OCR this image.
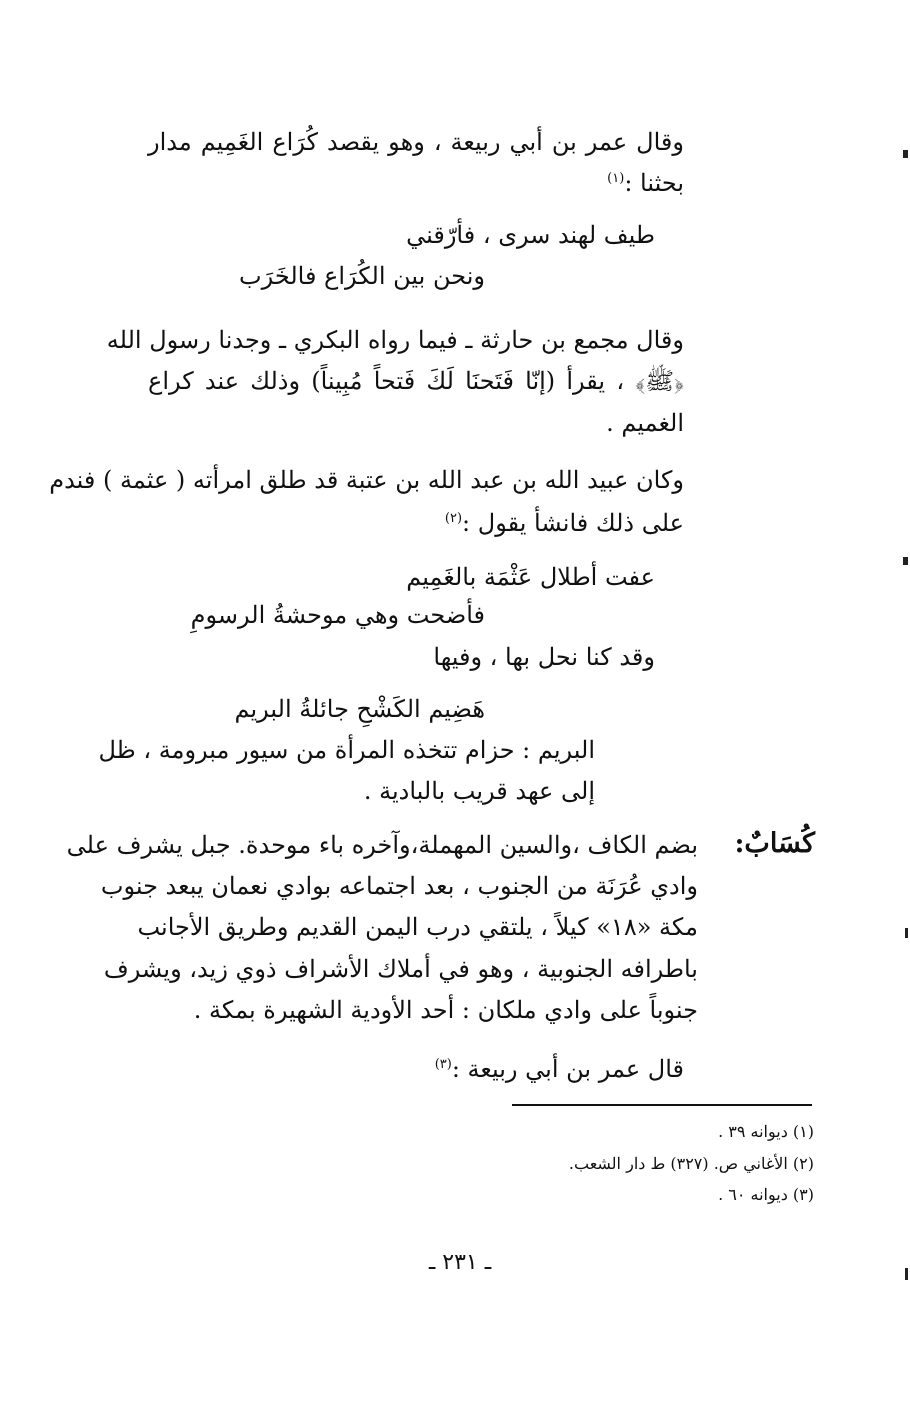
وقال عمر بن أبي ربيعة ، وهو يقصد كُرَاع الغَمِيم مدار
بحثنا :$^{(١)}$
طيف لهند سرى ، فأرّقني
ونحن بين الكُرَاع فالخَرَب
وقال مجمع بن حارثة ـ فيما رواه البكري ـ وجدنا رسول الله
﴿ﷺ﴾ ، يقرأ (إنّا فَتَحنَا لَكَ فَتحاً مُبِيناً) وذلك عند كراع
الغميم .
وكان عبيد الله بن عبد الله بن عتبة قد طلق امرأته ( عثمة ) فندم
على ذلك فانشأ يقول :$^{(٢)}$
عفت أطلال عَثْمَة بالغَمِيم
فأضحت وهي موحشةُ الرسومِ
وقد كنا نحل بها ، وفيها
هَضِيم الكَشْحِ جائلةُ البريم
البريم : حزام تتخذه المرأة من سيور مبرومة ، ظل
إلى عهد قريب بالبادية .
كُسَابٌ:
بضم الكاف ،والسين المهملة،وآخره باء موحدة. جبل يشرف على
وادي عُرَنَة من الجنوب ، بعد اجتماعه بوادي نعمان يبعد جنوب
مكة «١٨» كيلاً ، يلتقي درب اليمن القديم وطريق الأجانب
باطرافه الجنوبية ، وهو في أملاك الأشراف ذوي زيد، ويشرف
جنوباً على وادي ملكان : أحد الأودية الشهيرة بمكة .
قال عمر بن أبي ربيعة :$^{(٣)}$
(١) ديوانه ٣٩ .
(٢) الأغاني ص. (٣٢٧) ط دار الشعب.
(٣) ديوانه ٦٠ .
ـ ٢٣١ ـ
